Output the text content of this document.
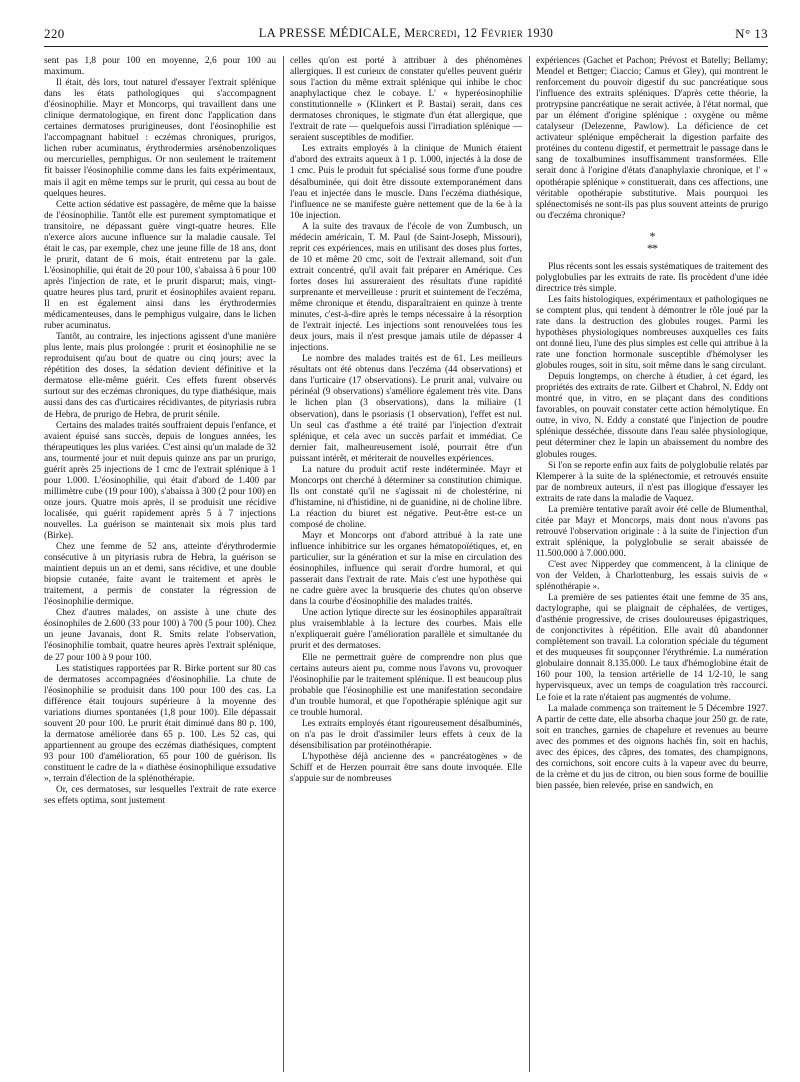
220	LA PRESSE MÉDICALE, Mercredi, 12 Février 1930	N° 13

sent pas 1,8 pour 100 en moyenne, 2,6 pour 100 au maximum.

Il était, dès lors, tout naturel d'essayer l'extrait splénique dans les états pathologiques qui s'accompagnent d'éosinophilie. Mayr et Moncorps, qui travaillent dans une clinique dermatologique, en firent donc l'application dans certaines dermatoses prurigineuses, dont l'éosinophilie est l'accompagnant habituel : eczémas chroniques, prurigos, lichen ruber acuminatus, érythrodermies arsénobenzoliques ou mercurielles, pemphigus. Or non seulement le traitement fit baisser l'éosinophilie comme dans les faits expérimentaux, mais il agit en même temps sur le prurit, qui cessa au bout de quelques heures.

Cette action sédative est passagère, de même que la baisse de l'éosinophilie. Tantôt elle est purement symptomatique et transitoire, ne dépassant guère vingt-quatre heures. Elle n'exerce alors aucune influence sur la maladie causale. Tel était le cas, par exemple, chez une jeune fille de 18 ans, dont le prurit, datant de 6 mois, était entretenu par la gale. L'éosinophilie, qui était de 20 pour 100, s'abaissa à 6 pour 100 après l'injection de rate, et le prurit disparut; mais, vingt-quatre heures plus tard, prurit et éosinophiles avaient reparu. Il en est également ainsi dans les érythrodermies médicamenteuses, dans le pemphigus vulgaire, dans le lichen ruber acuminatus.

Tantôt, au contraire, les injections agissent d'une manière plus lente, mais plus prolongée : prurit et éosinophilie ne se reproduisent qu'au bout de quatre ou cinq jours; avec la répétition des doses, la sédation devient définitive et la dermatose elle-même guérit. Ces effets furent observés surtout sur des eczémas chroniques, du type diathésique, mais aussi dans des cas d'urticaires récidivantes, de pityriasis rubra de Hebra, de prurigo de Hebra, de prurit sénile.

Certains des malades traités souffraient depuis l'enfance, et avaient épuisé sans succès, depuis de longues années, les thérapeutiques les plus variées. C'est ainsi qu'un malade de 32 ans, tourmenté jour et nuit depuis quinze ans par un prurigo, guérit après 25 injections de 1 cmc de l'extrait splénique à 1 pour 1.000. L'éosinophilie, qui était d'abord de 1.400 par millimètre cube (19 pour 100), s'abaissa à 300 (2 pour 100) en onze jours. Quatre mois après, il se produisit une récidive localisée, qui guérit rapidement après 5 à 7 injections nouvelles. La guérison se maintenait six mois plus tard (Birke).

Chez une femme de 52 ans, atteinte d'érythrodermie consécutive à un pityriasis rubra de Hebra, la guérison se maintient depuis un an et demi, sans récidive, et une double biopsie cutanée, faite avant le traitement et après le traitement, a permis de constater la régression de l'éosinophilie dermique.

Chez d'autres malades, on assiste à une chute des éosinophiles de 2.600 (33 pour 100) à 700 (5 pour 100). Chez un jeune Javanais, dont R. Smits relate l'observation, l'éosinophilie tombait, quatre heures après l'extrait splénique, de 27 pour 100 à 9 pour 100.

Les statistiques rapportées par R. Birke portent sur 80 cas de dermatoses accompagnées d'éosinophilie. La chute de l'éosinophilie se produisit dans 100 pour 100 des cas. La différence était toujours supérieure à la moyenne des variations diurnes spontanées (1,8 pour 100). Elle dépassait souvent 20 pour 100. Le prurit était diminué dans 80 p. 100, la dermatose améliorée dans 65 p. 100. Les 52 cas, qui appartiennent au groupe des eczémas diathésiques, comptent 93 pour 100 d'amélioration, 65 pour 100 de guérison. Ils constituent le cadre de la « diathèse éosinophilique exsudative », terrain d'élection de la splénothérapie.

Or, ces dermatoses, sur lesquelles l'extrait de rate exerce ses effets optima, sont justement

celles qu'on est porté à attribuer à des phénomènes allergiques. Il est curieux de constater qu'elles peuvent guérir sous l'action du même extrait splénique qui inhibe le choc anaphylactique chez le cobaye. L' « hyperéosinophilie constitutionnelle » (Klinkert et P. Bastai) serait, dans ces dermatoses chroniques, le stigmate d'un état allergique, que l'extrait de rate — quelquefois aussi l'irradiation splénique — seraient susceptibles de modifier.

Les extraits employés à la clinique de Munich étaient d'abord des extraits aqueux à 1 p. 1.000, injectés à la dose de 1 cmc. Puis le produit fut spécialisé sous forme d'une poudre désalbuminée, qui doit être dissoute extemporanément dans l'eau et injectée dans le muscle. Dans l'eczéma diathésique, l'influence ne se manifeste guère nettement que de la 6e à la 10e injection.

A la suite des travaux de l'école de von Zumbusch, un médecin américain, T. M. Paul (de Saint-Joseph, Missouri), reprit ces expériences, mais en utilisant des doses plus fortes, de 10 et même 20 cmc, soit de l'extrait allemand, soit d'un extrait concentré, qu'il avait fait préparer en Amérique. Ces fortes doses lui assureraient des résultats d'une rapidité surprenante et merveilleuse : prurit et suintement de l'eczéma, même chronique et étendu, disparaîtraient en quinze à trente minutes, c'est-à-dire après le temps nécessaire à la résorption de l'extrait injecté. Les injections sont renouvelées tous les deux jours, mais il n'est presque jamais utile de dépasser 4 injections.

Le nombre des malades traités est de 61. Les meilleurs résultats ont été obtenus dans l'eczéma (44 observations) et dans l'urticaire (17 observations). Le prurit anal, vulvaire ou périnéal (9 observations) s'améliore également très vite. Dans le lichen plan (3 observations), dans la miliaire (1 observation), dans le psoriasis (1 observation), l'effet est nul. Un seul cas d'asthme a été traité par l'injection d'extrait splénique, et cela avec un succès parfait et immédiat. Ce dernier fait, malheureusement isolé, pourrait être d'un puissant intérêt, et mériterait de nouvelles expériences.

La nature du produit actif reste indéterminée. Mayr et Moncorps ont cherché à déterminer sa constitution chimique. Ils ont constaté qu'il ne s'agissait ni de cholestérine, ni d'histamine, ni d'histidine, ni de guanidine, ni de choline libre. La réaction du biuret est négative. Peut-être est-ce un composé de choline.

Mayr et Moncorps ont d'abord attribué à la rate une influence inhibitrice sur les organes hématopoïétiques, et, en particulier, sur la génération et sur la mise en circulation des éosinophiles, influence qui serait d'ordre humoral, et qui passerait dans l'extrait de rate. Mais c'est une hypothèse qui ne cadre guère avec la brusquerie des chutes qu'on observe dans la courbe d'éosinophilie des malades traités.

Une action lytique directe sur les éosinophiles apparaîtrait plus vraisemblable à la lecture des courbes. Mais elle n'expliquerait guère l'amélioration parallèle et simultanée du prurit et des dermatoses.

Elle ne permettrait guère de comprendre non plus que certains auteurs aient pu, comme nous l'avons vu, provoquer l'éosinophilie par le traitement splénique. Il est beaucoup plus probable que l'éosinophilie est une manifestation secondaire d'un trouble humoral, et que l'opothérapie splénique agit sur ce trouble humoral.

Les extraits employés étant rigoureusement désalbuminés, on n'a pas le droit d'assimiler leurs effets à ceux de la désensibilisation par protéinothérapie.

L'hypothèse déjà ancienne des « pancréatogènes » de Schiff et de Herzen pourrait être sans doute invoquée. Elle s'appuie sur de nombreuses

expériences (Gachet et Pachon; Prévost et Batelly; Bellamy; Mendel et Bettger; Ciaccio; Camus et Gley), qui montrent le renforcement du pouvoir digestif du suc pancréatique sous l'influence des extraits spléniques. D'après cette théorie, la protrypsine pancréatique ne serait activée, à l'état normal, que par un élément d'origine splénique : oxygène ou même catalyseur (Delezenne, Pawlow). La déficience de cet activateur splénique empêcherait la digestion parfaite des protéines du contenu digestif, et permettrait le passage dans le sang de toxalbumines insuffisamment transformées. Elle serait donc à l'origine d'états d'anaphylaxie chronique, et l' « opothérapie splénique » constituerait, dans ces affections, une véritable opothérapie substitutive. Mais pourquoi les splénectomisés ne sont-ils pas plus souvent atteints de prurigo ou d'eczéma chronique?

*
**

Plus récents sont les essais systématiques de traitement des polyglobulies par les extraits de rate. Ils procèdent d'une idée directrice très simple.

Les faits histologiques, expérimentaux et pathologiques ne se comptent plus, qui tendent à démontrer le rôle joué par la rate dans la destruction des globules rouges. Parmi les hypothèses physiologiques nombreuses auxquelles ces faits ont donné lieu, l'une des plus simples est celle qui attribue à la rate une fonction hormonale susceptible d'hémolyser les globules rouges, soit in situ, soit même dans le sang circulant.

Depuis longtemps, on cherche à étudier, à cet égard, les propriétés des extraits de rate. Gilbert et Chabrol, N. Eddy ont montré que, in vitro, en se plaçant dans des conditions favorables, on pouvait constater cette action hémolytique. En outre, in vivo, N. Eddy a constaté que l'injection de poudre splénique desséchée, dissoute dans l'eau salée physiologique, peut déterminer chez le lapin un abaissement du nombre des globules rouges.

Si l'on se reporte enfin aux faits de polyglobulie relatés par Klemperer à la suite de la splénectomie, et retrouvés ensuite par de nombreux auteurs, il n'est pas illogique d'essayer les extraits de rate dans la maladie de Vaquez.

La première tentative paraît avoir été celle de Blumenthal, citée par Mayr et Moncorps, mais dont nous n'avons pas retrouvé l'observation originale : à la suite de l'injection d'un extrait splénique, la polyglobulie se serait abaissée de 11.500.000 à 7.000.000.

C'est avec Nipperdey que commencent, à la clinique de von der Velden, à Charlottenburg, les essais suivis de « splénothérapie ».

La première de ses patientes était une femme de 35 ans, dactylographe, qui se plaignait de céphalées, de vertiges, d'asthénie progressive, de crises douloureuses épigastriques, de conjonctivites à répétition. Elle avait dû abandonner complètement son travail. La coloration spéciale du tégument et des muqueuses fit soupçonner l'érythrémie. La numération globulaire donnait 8.135.000. Le taux d'hémoglobine était de 160 pour 100, la tension artérielle de 14 1/2-10, le sang hypervisqueux, avec un temps de coagulation très raccourci. Le foie et la rate n'étaient pas augmentés de volume.

La malade commença son traitement le 5 Décembre 1927. A partir de cette date, elle absorba chaque jour 250 gr. de rate, soit en tranches, garnies de chapelure et revenues au beurre avec des pommes et des oignons hachés fin, soit en hachis, avec des épices, des câpres, des tomates, des champignons, des cornichons, soit encore cuits à la vapeur avec du beurre, de la crème et du jus de citron, ou bien sous forme de bouillie bien passée, bien relevée, prise en sandwich, en
